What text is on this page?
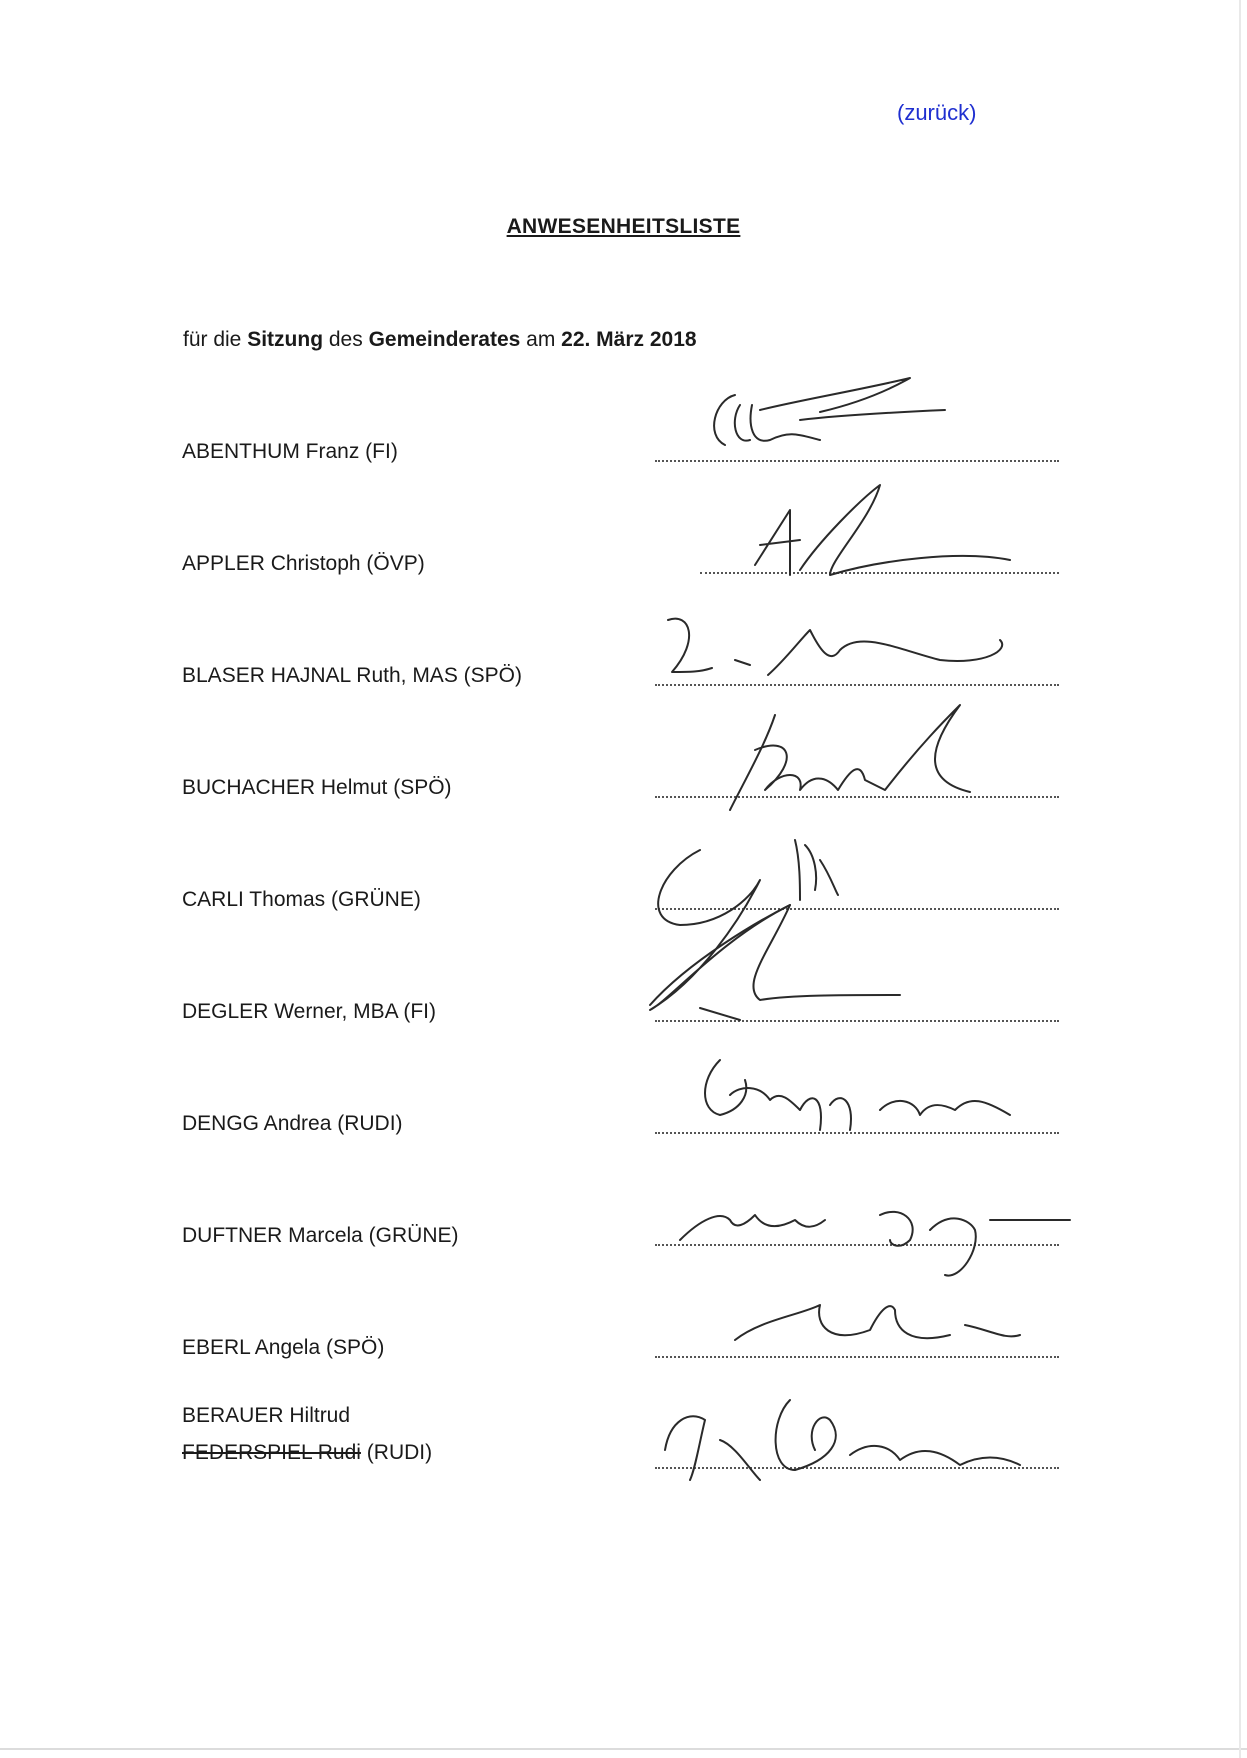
(zurück)
ANWESENHEITSLISTE
für die Sitzung des Gemeinderates am 22. März 2018
ABENTHUM Franz (FI)
APPLER Christoph (ÖVP)
BLASER HAJNAL Ruth, MAS (SPÖ)
BUCHACHER Helmut (SPÖ)
CARLI Thomas (GRÜNE)
DEGLER Werner, MBA (FI)
DENGG Andrea (RUDI)
DUFTNER Marcela (GRÜNE)
EBERL Angela (SPÖ)
BERAUER Hiltrud
FEDERSPIEL Rudi (RUDI)
